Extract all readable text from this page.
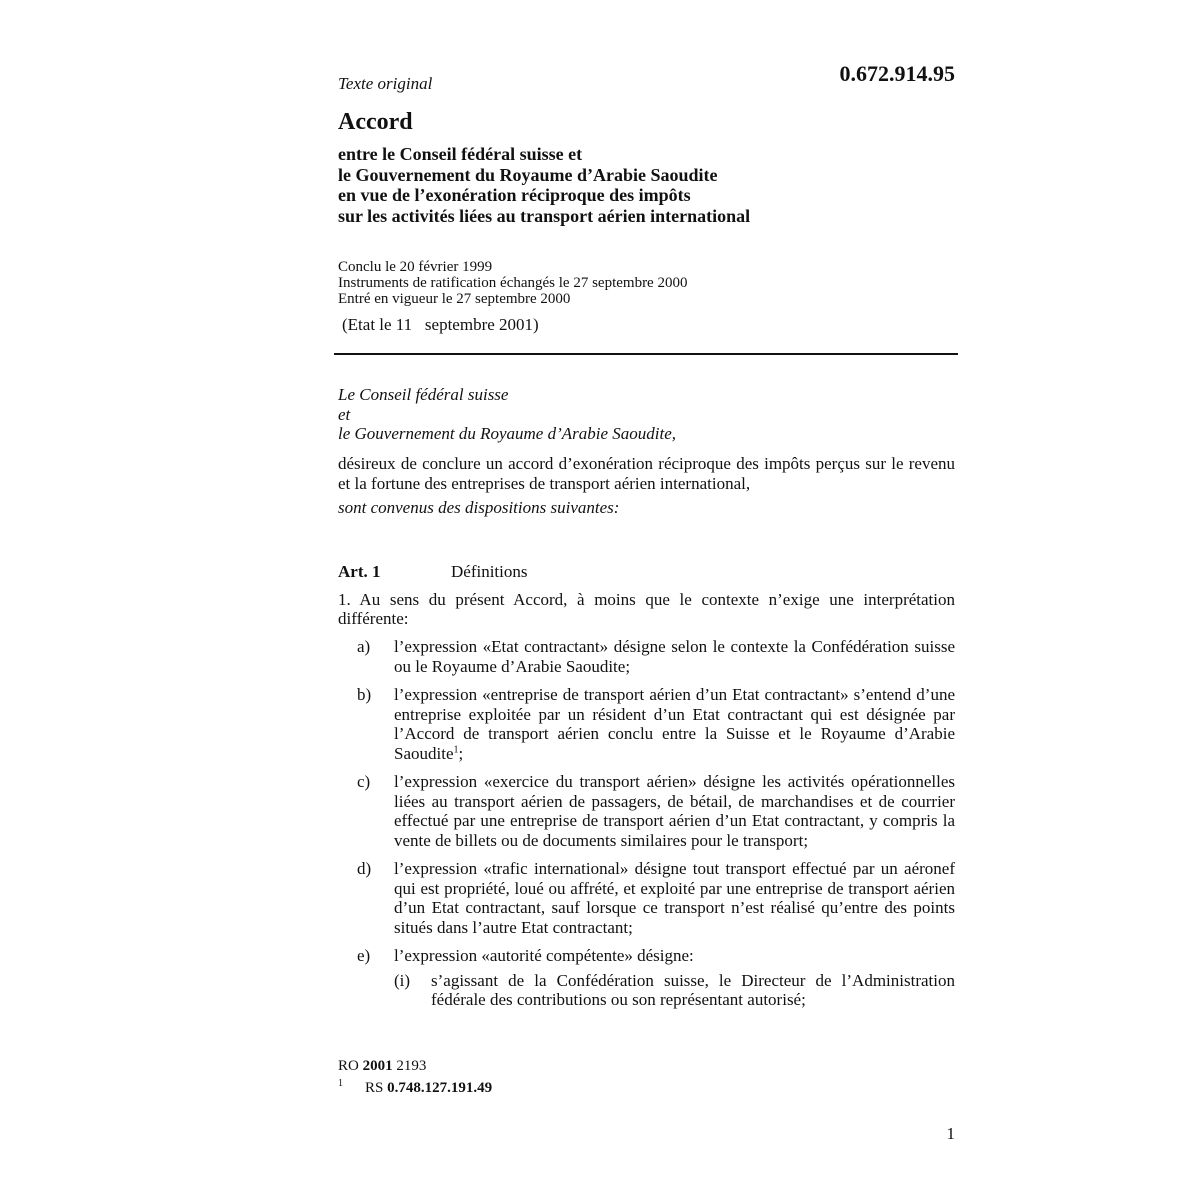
Texte original	0.672.914.95
Accord
entre le Conseil fédéral suisse et
le Gouvernement du Royaume d’Arabie Saoudite
en vue de l’exonération réciproque des impôts
sur les activités liées au transport aérien international
Conclu le 20 février 1999
Instruments de ratification échangés le 27 septembre 2000
Entré en vigueur le 27 septembre 2000
(Etat le 11   septembre 2001)
Le Conseil fédéral suisse
et
le Gouvernement du Royaume d’Arabie Saoudite,
désireux de conclure un accord d’exonération réciproque des impôts perçus sur le revenu et la fortune des entreprises de transport aérien international,
sont convenus des dispositions suivantes:
Art. 1	Définitions
1. Au sens du présent Accord, à moins que le contexte n’exige une interprétation différente:
a) l’expression «Etat contractant» désigne selon le contexte la Confédération suisse ou le Royaume d’Arabie Saoudite;
b) l’expression «entreprise de transport aérien d’un Etat contractant» s’entend d’une entreprise exploitée par un résident d’un Etat contractant qui est désignée par l’Accord de transport aérien conclu entre la Suisse et le Royaume d’Arabie Saoudite$^1$;
c) l’expression «exercice du transport aérien» désigne les activités opérationnelles liées au transport aérien de passagers, de bétail, de marchandises et de courrier effectué par une entreprise de transport aérien d’un Etat contractant, y compris la vente de billets ou de documents similaires pour le transport;
d) l’expression «trafic international» désigne tout transport effectué par un aéronef qui est propriété, loué ou affrété, et exploité par une entreprise de transport aérien d’un Etat contractant, sauf lorsque ce transport n’est réalisé qu’entre des points situés dans l’autre Etat contractant;
e) l’expression «autorité compétente» désigne:
(i) s’agissant de la Confédération suisse, le Directeur de l’Administration fédérale des contributions ou son représentant autorisé;
RO 2001 2193
$^1$ RS 0.748.127.191.49
1
